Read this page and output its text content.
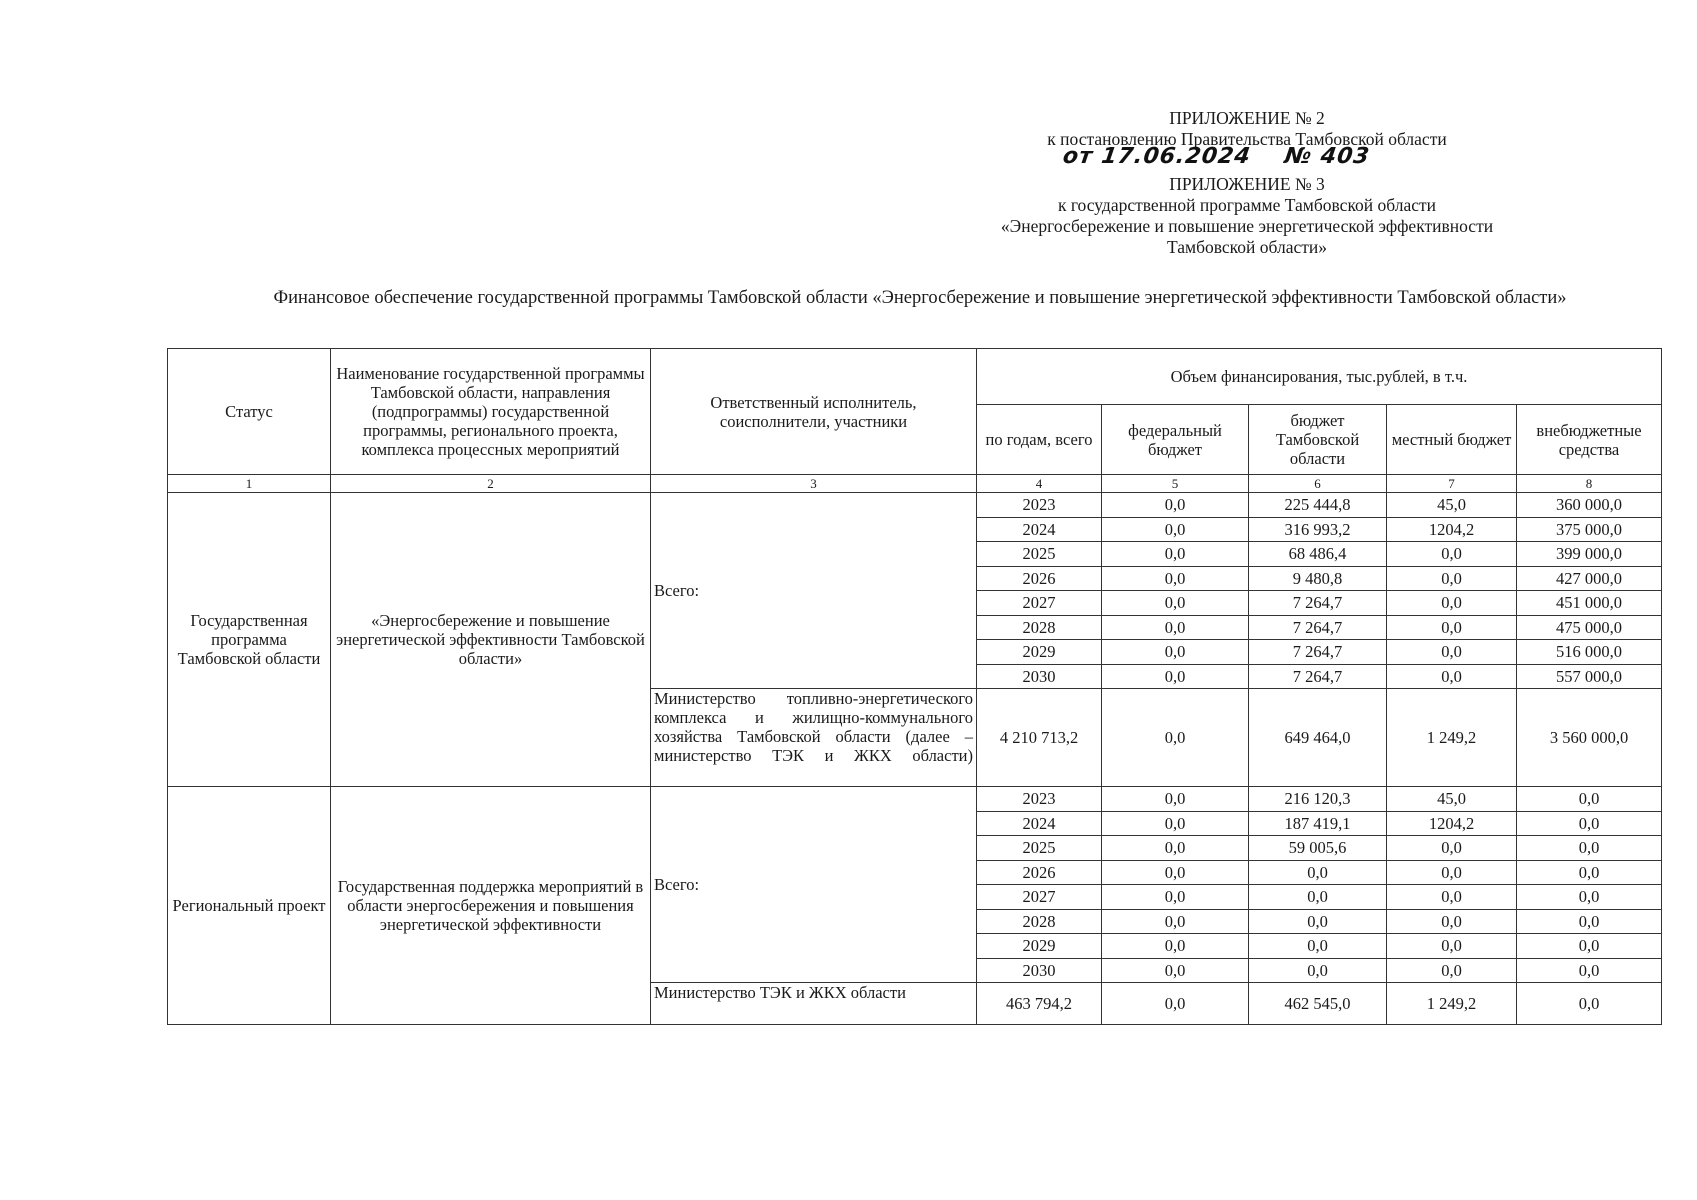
ПРИЛОЖЕНИЕ № 2

к постановлению Правительства Тамбовской области

от 17.06.2024 № 403

ПРИЛОЖЕНИЕ № 3

к государственной программе Тамбовской области

«Энергосбережение и повышение энергетической эффективности

Тамбовской области»

Финансовое обеспечение государственной программы Тамбовской области «Энергосбережение и повышение энергетической эффективности Тамбовской области»
Статус	Наименование государственной программы Тамбовской области, направления (подпрограммы) государственной программы, регионального проекта, комплекса процессных мероприятий	Ответственный исполнитель, соисполнители, участники	Объем финансирования, тыс.рублей, в т.ч.				
			по годам, всего	федеральный бюджет	бюджет Тамбовской области	местный бюджет	внебюджетные средства
1	2	3	4	5	6	7	8
Государственная программа Тамбовской области	«Энергосбережение и повышение энергетической эффективности Тамбовской области»	Всего:	2023	0,0	225 444,8	45,0	360 000,0
			2024	0,0	316 993,2	1204,2	375 000,0
			2025	0,0	68 486,4	0,0	399 000,0
			2026	0,0	9 480,8	0,0	427 000,0
			2027	0,0	7 264,7	0,0	451 000,0
			2028	0,0	7 264,7	0,0	475 000,0
			2029	0,0	7 264,7	0,0	516 000,0
			2030	0,0	7 264,7	0,0	557 000,0
		Министерство топливно-энергетического комплекса и жилищно-коммунального хозяйства Тамбовской области (далее – министерство ТЭК и ЖКХ области)	4 210 713,2	0,0	649 464,0	1 249,2	3 560 000,0
Региональный проект	Государственная поддержка мероприятий в области энергосбережения и повышения энергетической эффективности	Всего:	2023	0,0	216 120,3	45,0	0,0
			2024	0,0	187 419,1	1204,2	0,0
			2025	0,0	59 005,6	0,0	0,0
			2026	0,0	0,0	0,0	0,0
			2027	0,0	0,0	0,0	0,0
			2028	0,0	0,0	0,0	0,0
			2029	0,0	0,0	0,0	0,0
			2030	0,0	0,0	0,0	0,0
		Министерство ТЭК и ЖКХ области	463 794,2	0,0	462 545,0	1 249,2	0,0
